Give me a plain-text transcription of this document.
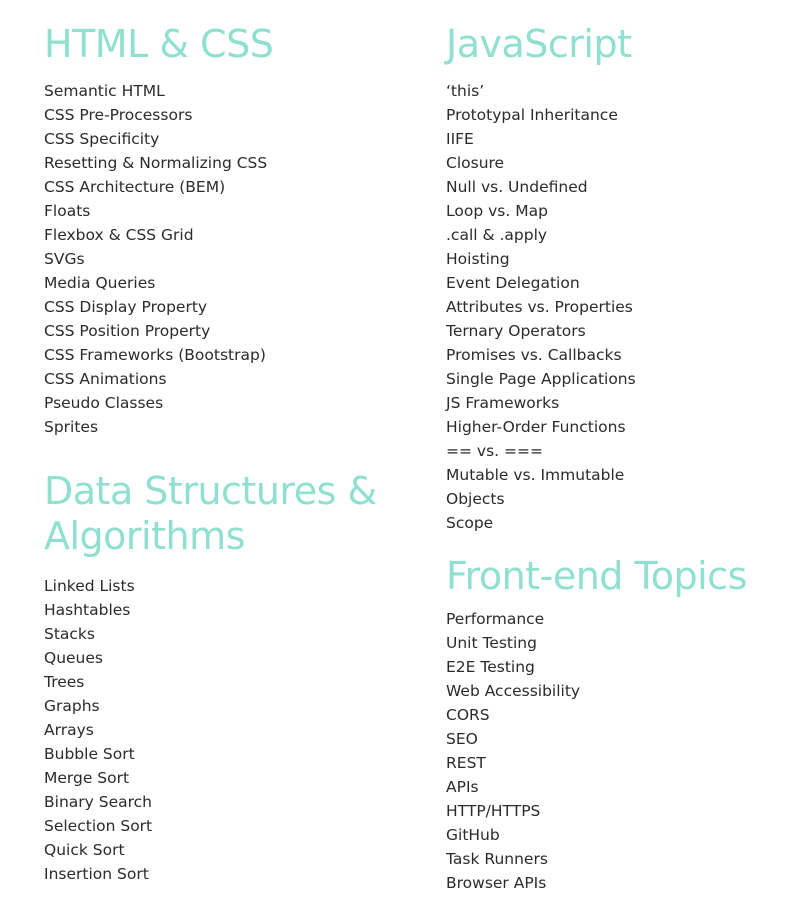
HTML & CSS
Semantic HTML
CSS Pre-Processors
CSS Specificity
Resetting & Normalizing CSS
CSS Architecture (BEM)
Floats
Flexbox & CSS Grid
SVGs
Media Queries
CSS Display Property
CSS Position Property
CSS Frameworks (Bootstrap)
CSS Animations
Pseudo Classes
Sprites
JavaScript
‘this’
Prototypal Inheritance
IIFE
Closure
Null vs. Undefined
Loop vs. Map
.call & .apply
Hoisting
Event Delegation
Attributes vs. Properties
Ternary Operators
Promises vs. Callbacks
Single Page Applications
JS Frameworks
Higher-Order Functions
== vs. ===
Mutable vs. Immutable
Objects
Scope
Data Structures &
Algorithms
Linked Lists
Hashtables
Stacks
Queues
Trees
Graphs
Arrays
Bubble Sort
Merge Sort
Binary Search
Selection Sort
Quick Sort
Insertion Sort
Front-end Topics
Performance
Unit Testing
E2E Testing
Web Accessibility
CORS
SEO
REST
APIs
HTTP/HTTPS
GitHub
Task Runners
Browser APIs
